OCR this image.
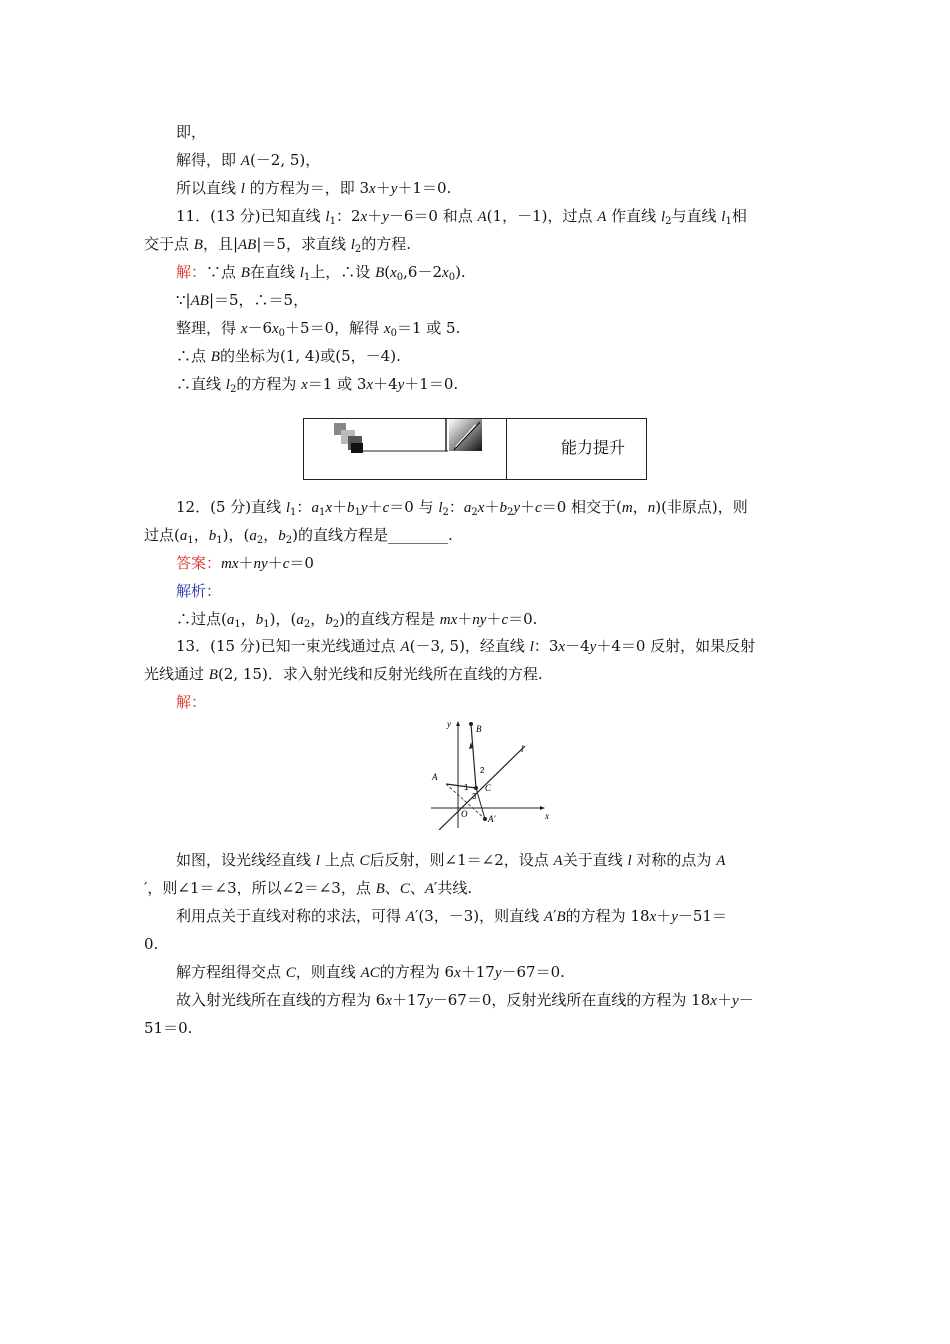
即，
解得，即 A(－2, 5)，
所以直线 l 的方程为＝，即 3x＋y＋1＝0.
11．(13 分)已知直线 $l_1$：2x＋y－6＝0 和点 A(1，－1)，过点 A 作直线 $l_2$与直线 $l_1$相
交于点 B，且|AB|＝5，求直线 $l_2$的方程.
解：∵点 B在直线 $l_1$上，∴设 $B(x_0,6-2x_0)$.
∵|AB|＝5，∴＝5，
整理，得 $x-6x_0+5=0$，解得 $x_0=1$ 或 5.
∴点 B的坐标为(1, 4)或(5，－4).
∴直线 $l_2$的方程为 x＝1 或 3x＋4y＋1＝0.
能力提升
12．(5 分)直线 $l_1$：$a_1x+b_1y+c=0$ 与 $l_2$：$a_2x+b_2y+c=0$ 相交于(m，n)(非原点)，则
过点($a_1$，$b_1$)，($a_2$，$b_2$)的直线方程是________.
答案：mx＋ny＋c＝0
解析：
∴过点($a_1$，$b_1$)，($a_2$，$b_2$)的直线方程是 mx＋ny＋c＝0.
13．(15 分)已知一束光线通过点 A(－3, 5)，经直线 l：3x－4y＋4＝0 反射，如果反射
光线通过 B(2, 15)．求入射光线和反射光线所在直线的方程.
解：
y
x
O
A
B
C
A′
l
1
2
3
如图，设光线经直线 l 上点 C后反射，则∠1＝∠2，设点 A关于直线 l 对称的点为 A
′，则∠1＝∠3，所以∠2＝∠3，点 B、C、A′共线.
利用点关于直线对称的求法，可得 A′(3，－3)，则直线 A′B的方程为 18x＋y－51＝
0.
解方程组得交点 C，则直线 AC的方程为 6x＋17y－67＝0.
故入射光线所在直线的方程为 6x＋17y－67＝0，反射光线所在直线的方程为 18x＋y－
51＝0.
